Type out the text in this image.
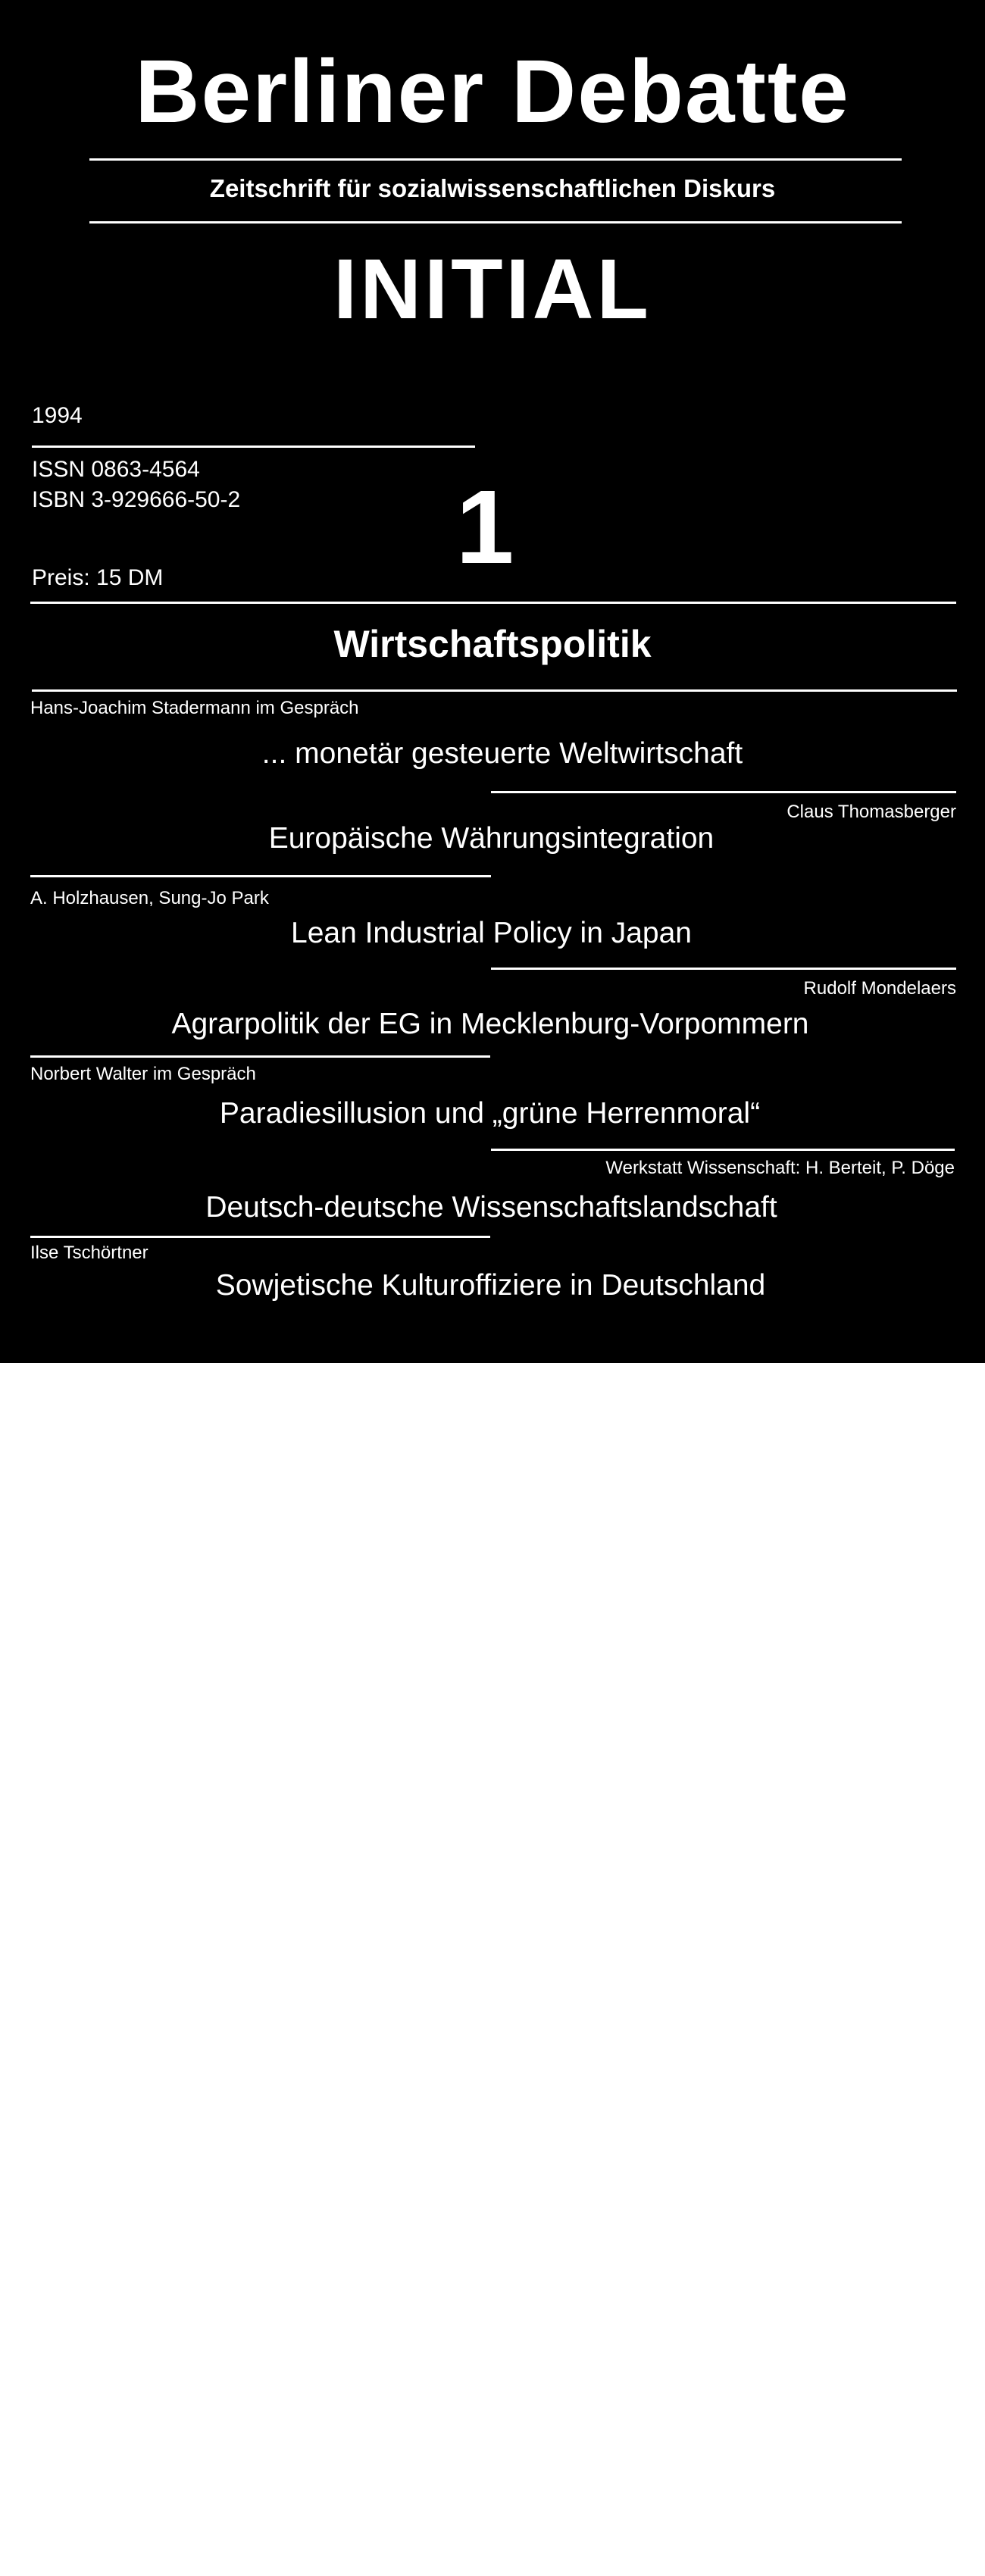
Berliner Debatte
Zeitschrift für sozialwissenschaftlichen Diskurs
INITIAL
1994
ISSN 0863-4564
ISBN 3-929666-50-2 1
Preis: 15 DM
Wirtschaftspolitik
Hans-Joachim Stadermann im Gespräch
... monetär gesteuerte Weltwirtschaft
Claus Thomasberger
Europäische Währungsintegration
A. Holzhausen, Sung-Jo Park
Lean Industrial Policy in Japan
Rudolf Mondelaers
Agrarpolitik der EG in Mecklenburg-Vorpommern
Norbert Walter im Gespräch
Paradiesillusion und „grüne Herrenmoral“
Werkstatt Wissenschaft: H. Berteit, P. Döge
Deutsch-deutsche Wissenschaftslandschaft
Ilse Tschörtner
Sowjetische Kulturoffiziere in Deutschland
